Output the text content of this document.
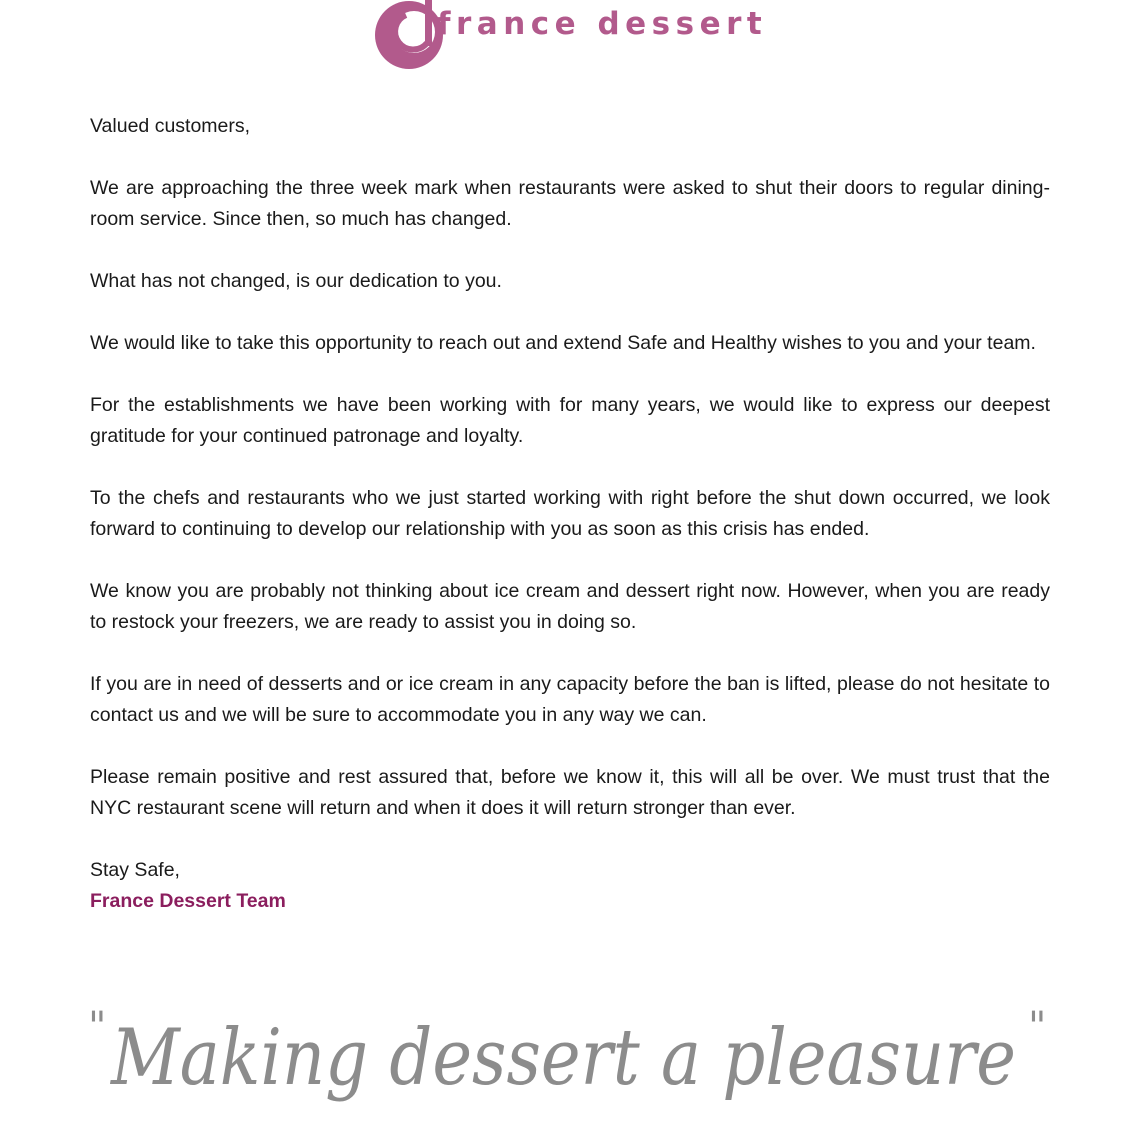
france dessert

Valued customers,

We are approaching the three week mark when restaurants were asked to shut their doors to regular dining-room service. Since then, so much has changed.

What has not changed, is our dedication to you.

We would like to take this opportunity to reach out and extend Safe and Healthy wishes to you and your team.

For the establishments we have been working with for many years, we would like to express our deepest gratitude for your continued patronage and loyalty.

To the chefs and restaurants who we just started working with right before the shut down occurred, we look forward to continuing to develop our relationship with you as soon as this crisis has ended.

We know you are probably not thinking about ice cream and dessert right now. However, when you are ready to restock your freezers, we are ready to assist you in doing so.

If you are in need of desserts and or ice cream in any capacity before the ban is lifted, please do not hesitate to contact us and we will be sure to accommodate you in any way we can.

Please remain positive and rest assured that, before we know it, this will all be over. We must trust that the NYC restaurant scene will return and when it does it will return stronger than ever.

Stay Safe,
France Dessert Team
" Making dessert a pleasure "
